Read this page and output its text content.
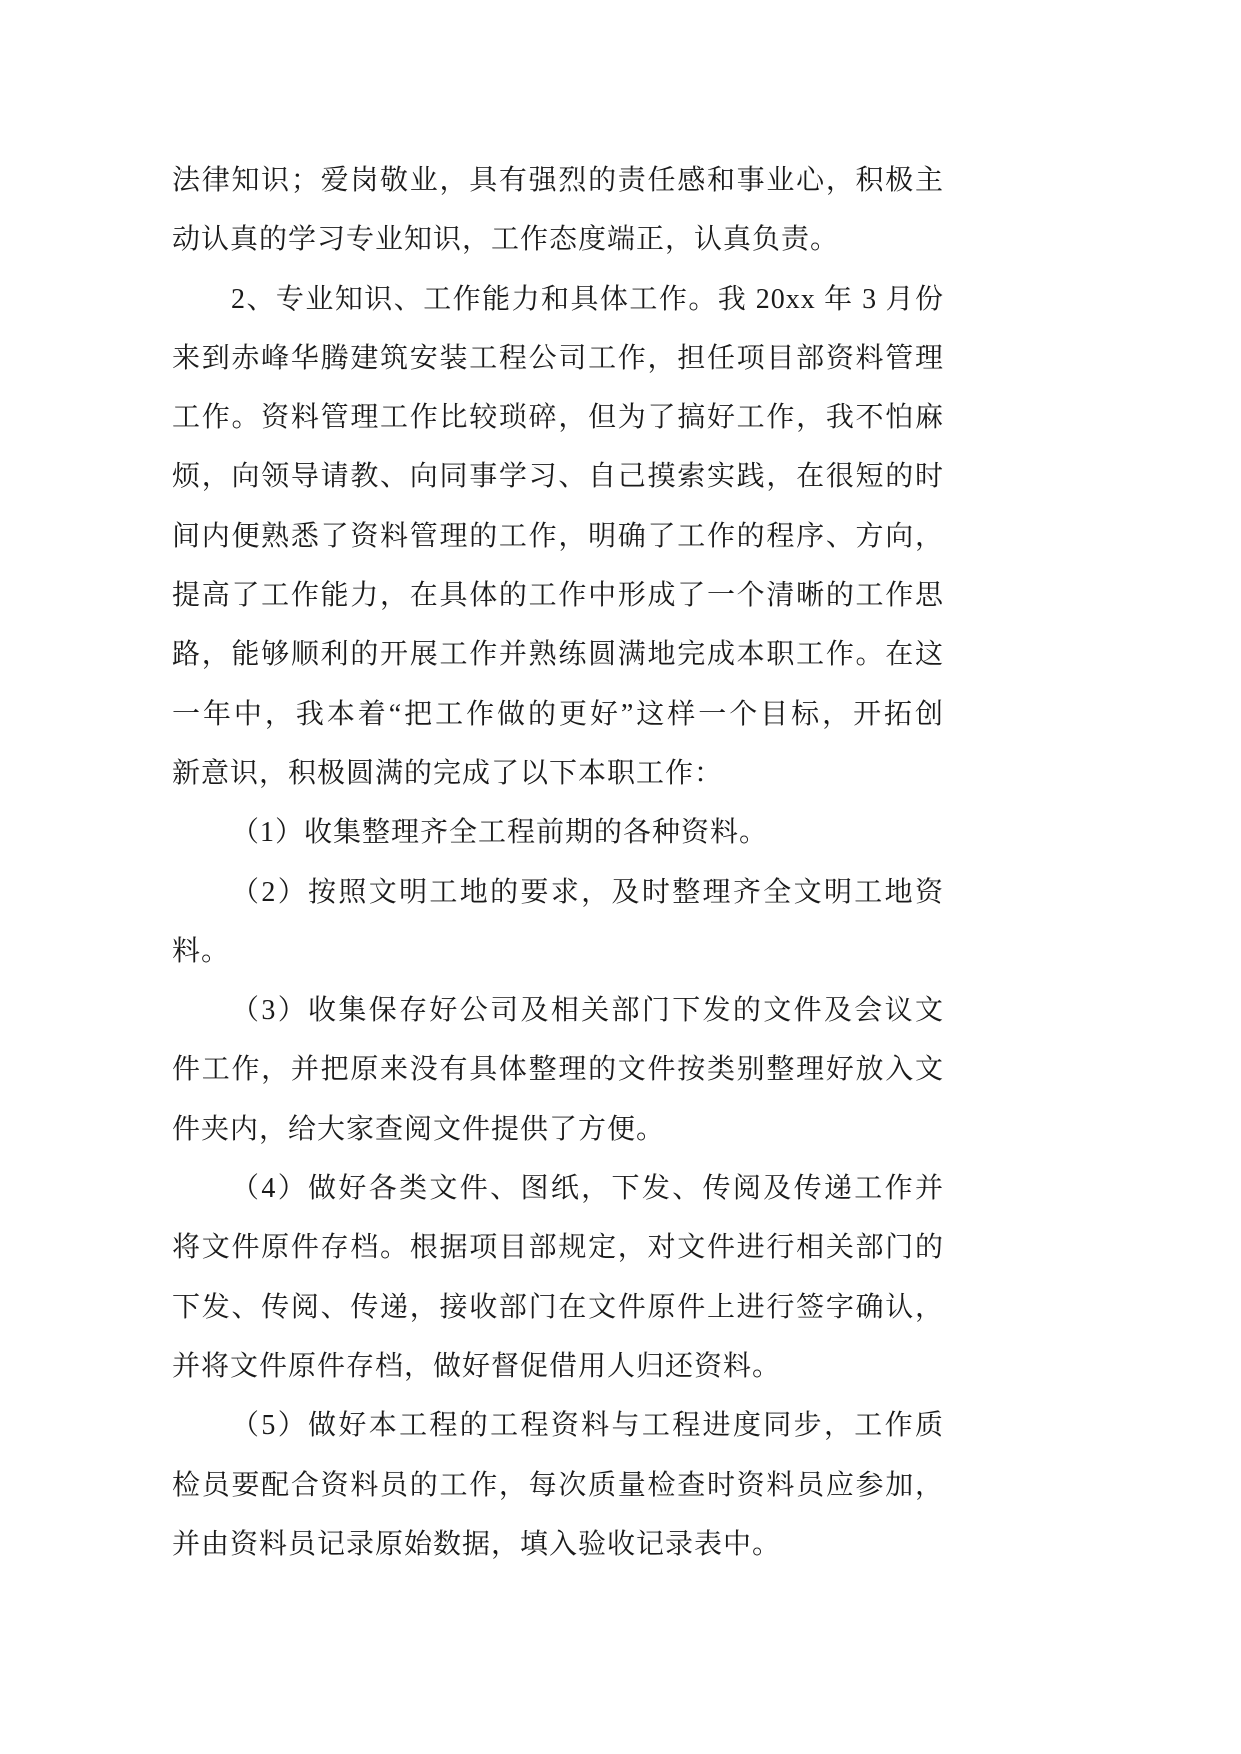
法律知识；爱岗敬业，具有强烈的责任感和事业心，积极主
动认真的学习专业知识，工作态度端正，认真负责。
2、专业知识、工作能力和具体工作。我 20xx 年 3 月份
来到赤峰华腾建筑安装工程公司工作，担任项目部资料管理
工作。资料管理工作比较琐碎，但为了搞好工作，我不怕麻
烦，向领导请教、向同事学习、自己摸索实践，在很短的时
间内便熟悉了资料管理的工作，明确了工作的程序、方向，
提高了工作能力，在具体的工作中形成了一个清晰的工作思
路，能够顺利的开展工作并熟练圆满地完成本职工作。在这
一年中，我本着“把工作做的更好”这样一个目标，开拓创
新意识，积极圆满的完成了以下本职工作：
（1）收集整理齐全工程前期的各种资料。
（2）按照文明工地的要求，及时整理齐全文明工地资
料。
（3）收集保存好公司及相关部门下发的文件及会议文
件工作，并把原来没有具体整理的文件按类别整理好放入文
件夹内，给大家查阅文件提供了方便。
（4）做好各类文件、图纸，下发、传阅及传递工作并
将文件原件存档。根据项目部规定，对文件进行相关部门的
下发、传阅、传递，接收部门在文件原件上进行签字确认，
并将文件原件存档，做好督促借用人归还资料。
（5）做好本工程的工程资料与工程进度同步，工作质
检员要配合资料员的工作，每次质量检查时资料员应参加，
并由资料员记录原始数据，填入验收记录表中。
